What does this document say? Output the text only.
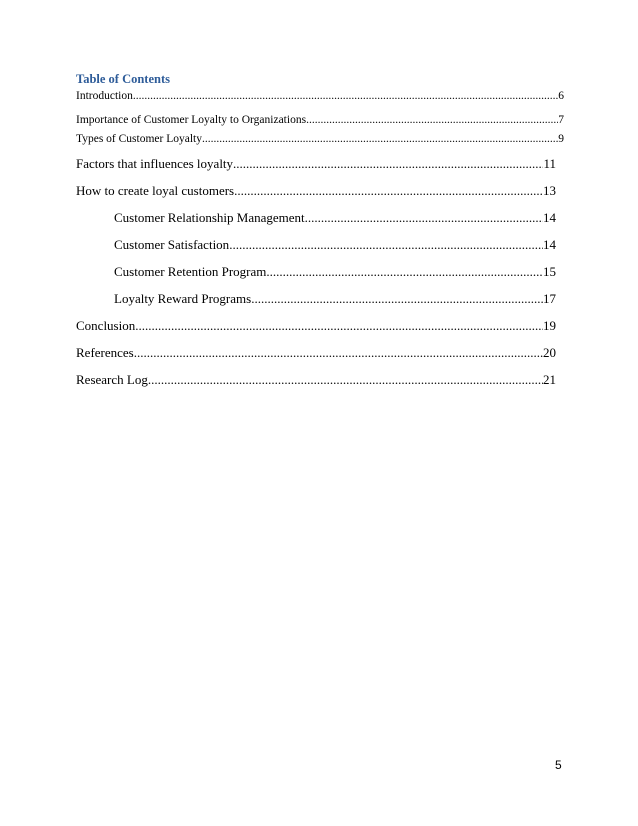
Table of Contents
Introduction .....	6
Importance of Customer Loyalty to Organizations .....	7
Types of Customer Loyalty .....	9
Factors that influences loyalty .....	11
How to create loyal customers .....	13
Customer Relationship Management .....	14
Customer Satisfaction .....	14
Customer Retention Program .....	15
Loyalty Reward Programs .....	17
Conclusion .....	19
References .....	20
Research Log .....	21
5
